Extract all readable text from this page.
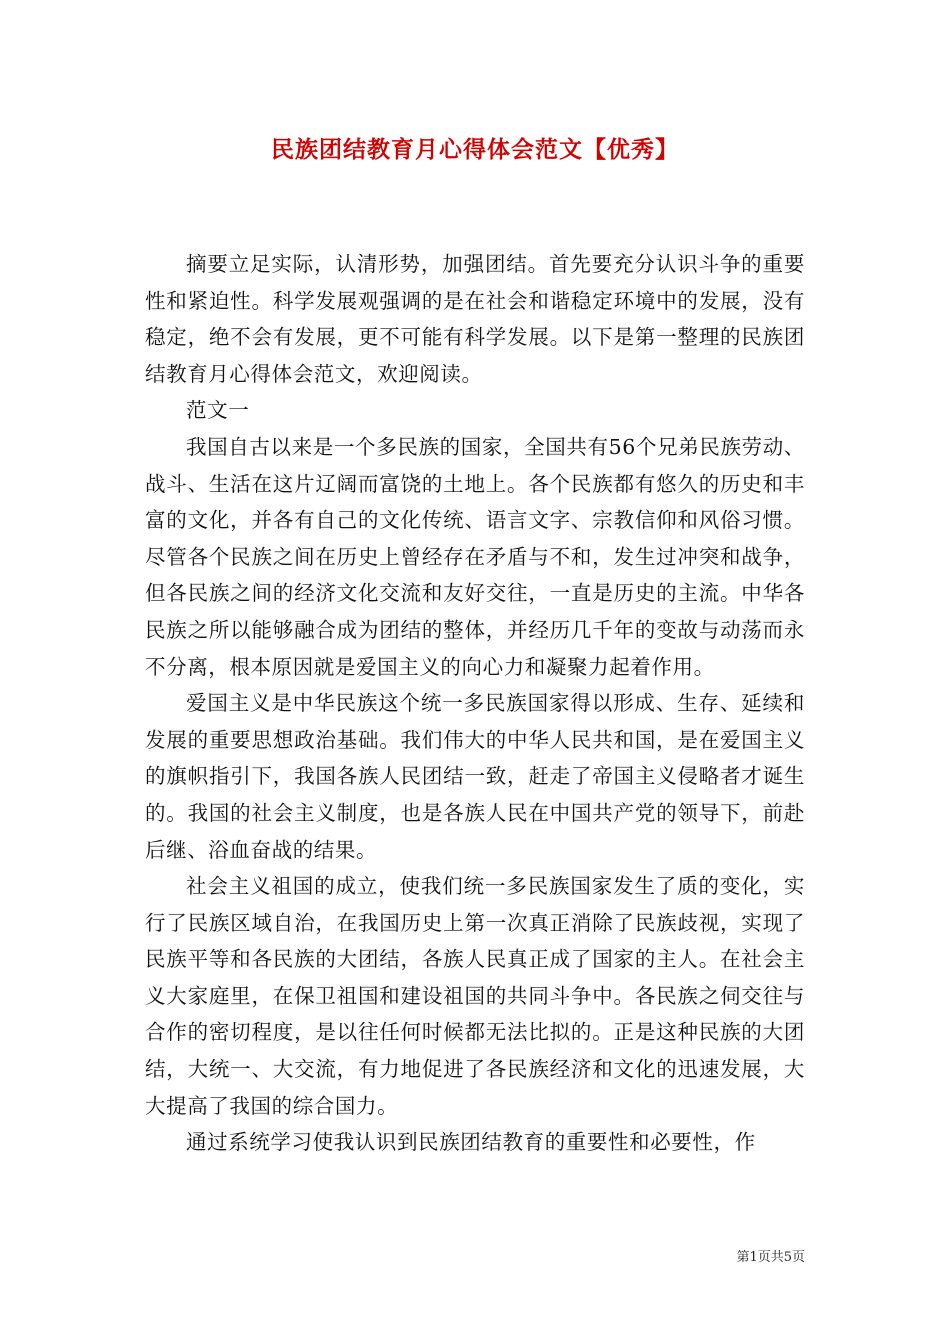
民族团结教育月心得体会范文【优秀】

摘要立足实际，认清形势，加强团结。首先要充分认识斗争的重要性和紧迫性。科学发展观强调的是在社会和谐稳定环境中的发展，没有稳定，绝不会有发展，更不可能有科学发展。以下是第一整理的民族团结教育月心得体会范文，欢迎阅读。

范文一

我国自古以来是一个多民族的国家，全国共有56个兄弟民族劳动、战斗、生活在这片辽阔而富饶的土地上。各个民族都有悠久的历史和丰富的文化，并各有自己的文化传统、语言文字、宗教信仰和风俗习惯。尽管各个民族之间在历史上曾经存在矛盾与不和，发生过冲突和战争，但各民族之间的经济文化交流和友好交往，一直是历史的主流。中华各民族之所以能够融合成为团结的整体，并经历几千年的变故与动荡而永不分离，根本原因就是爱国主义的向心力和凝聚力起着作用。

爱国主义是中华民族这个统一多民族国家得以形成、生存、延续和发展的重要思想政治基础。我们伟大的中华人民共和国，是在爱国主义的旗帜指引下，我国各族人民团结一致，赶走了帝国主义侵略者才诞生的。我国的社会主义制度，也是各族人民在中国共产党的领导下，前赴后继、浴血奋战的结果。

社会主义祖国的成立，使我们统一多民族国家发生了质的变化，实行了民族区域自治，在我国历史上第一次真正消除了民族歧视，实现了民族平等和各民族的大团结，各族人民真正成了国家的主人。在社会主义大家庭里，在保卫祖国和建设祖国的共同斗争中。各民族之伺交往与合作的密切程度，是以往任何时候都无法比拟的。正是这种民族的大团结，大统一、大交流，有力地促进了各民族经济和文化的迅速发展，大大提高了我国的综合国力。

通过系统学习使我认识到民族团结教育的重要性和必要性，作

第1页共5页
